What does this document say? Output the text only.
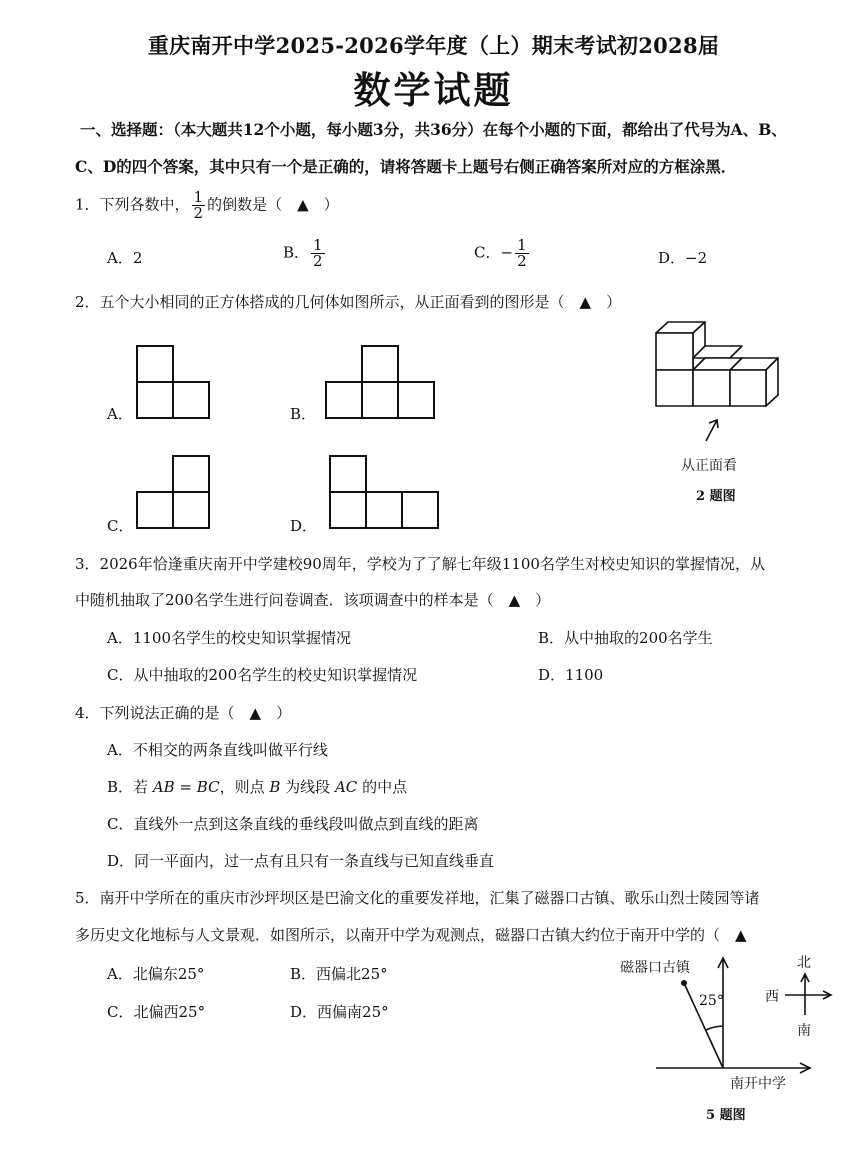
重庆南开中学2025-2026学年度（上）期末考试初2028届
数学试题
一、选择题：（本大题共12个小题，每小题3分，共36分）在每个小题的下面，都给出了代号为A、B、
C、D的四个答案，其中只有一个是正确的，请将答题卡上题号右侧正确答案所对应的方框涂黑．
1．下列各数中， $\frac{1}{2}$ 的倒数是（　▲　）
A．2	B． $\frac{1}{2}$	C．− $\frac{1}{2}$	D．−2
2．五个大小相同的正方体搭成的几何体如图所示，从正面看到的图形是（　▲　）
A．	B．
C．	D．
从正面看
2 题图
3．2026年恰逢重庆南开中学建校90周年，学校为了了解七年级1100名学生对校史知识的掌握情况，从
中随机抽取了200名学生进行问卷调查．该项调查中的样本是（　▲　）
A．1100名学生的校史知识掌握情况	B．从中抽取的200名学生
C．从中抽取的200名学生的校史知识掌握情况	D．1100
4．下列说法正确的是（　▲　）
A．不相交的两条直线叫做平行线
B．若 AB = BC，则点 B 为线段 AC 的中点
C．直线外一点到这条直线的垂线段叫做点到直线的距离
D．同一平面内，过一点有且只有一条直线与已知直线垂直
5．南开中学所在的重庆市沙坪坝区是巴渝文化的重要发祥地，汇集了磁器口古镇、歌乐山烈士陵园等诸
多历史文化地标与人文景观．如图所示，以南开中学为观测点，磁器口古镇大约位于南开中学的（　▲
A．北偏东25°	B．西偏北25°
C．北偏西25°	D．西偏南25°
磁器口古镇
25°
南开中学
北
西
南
5 题图
